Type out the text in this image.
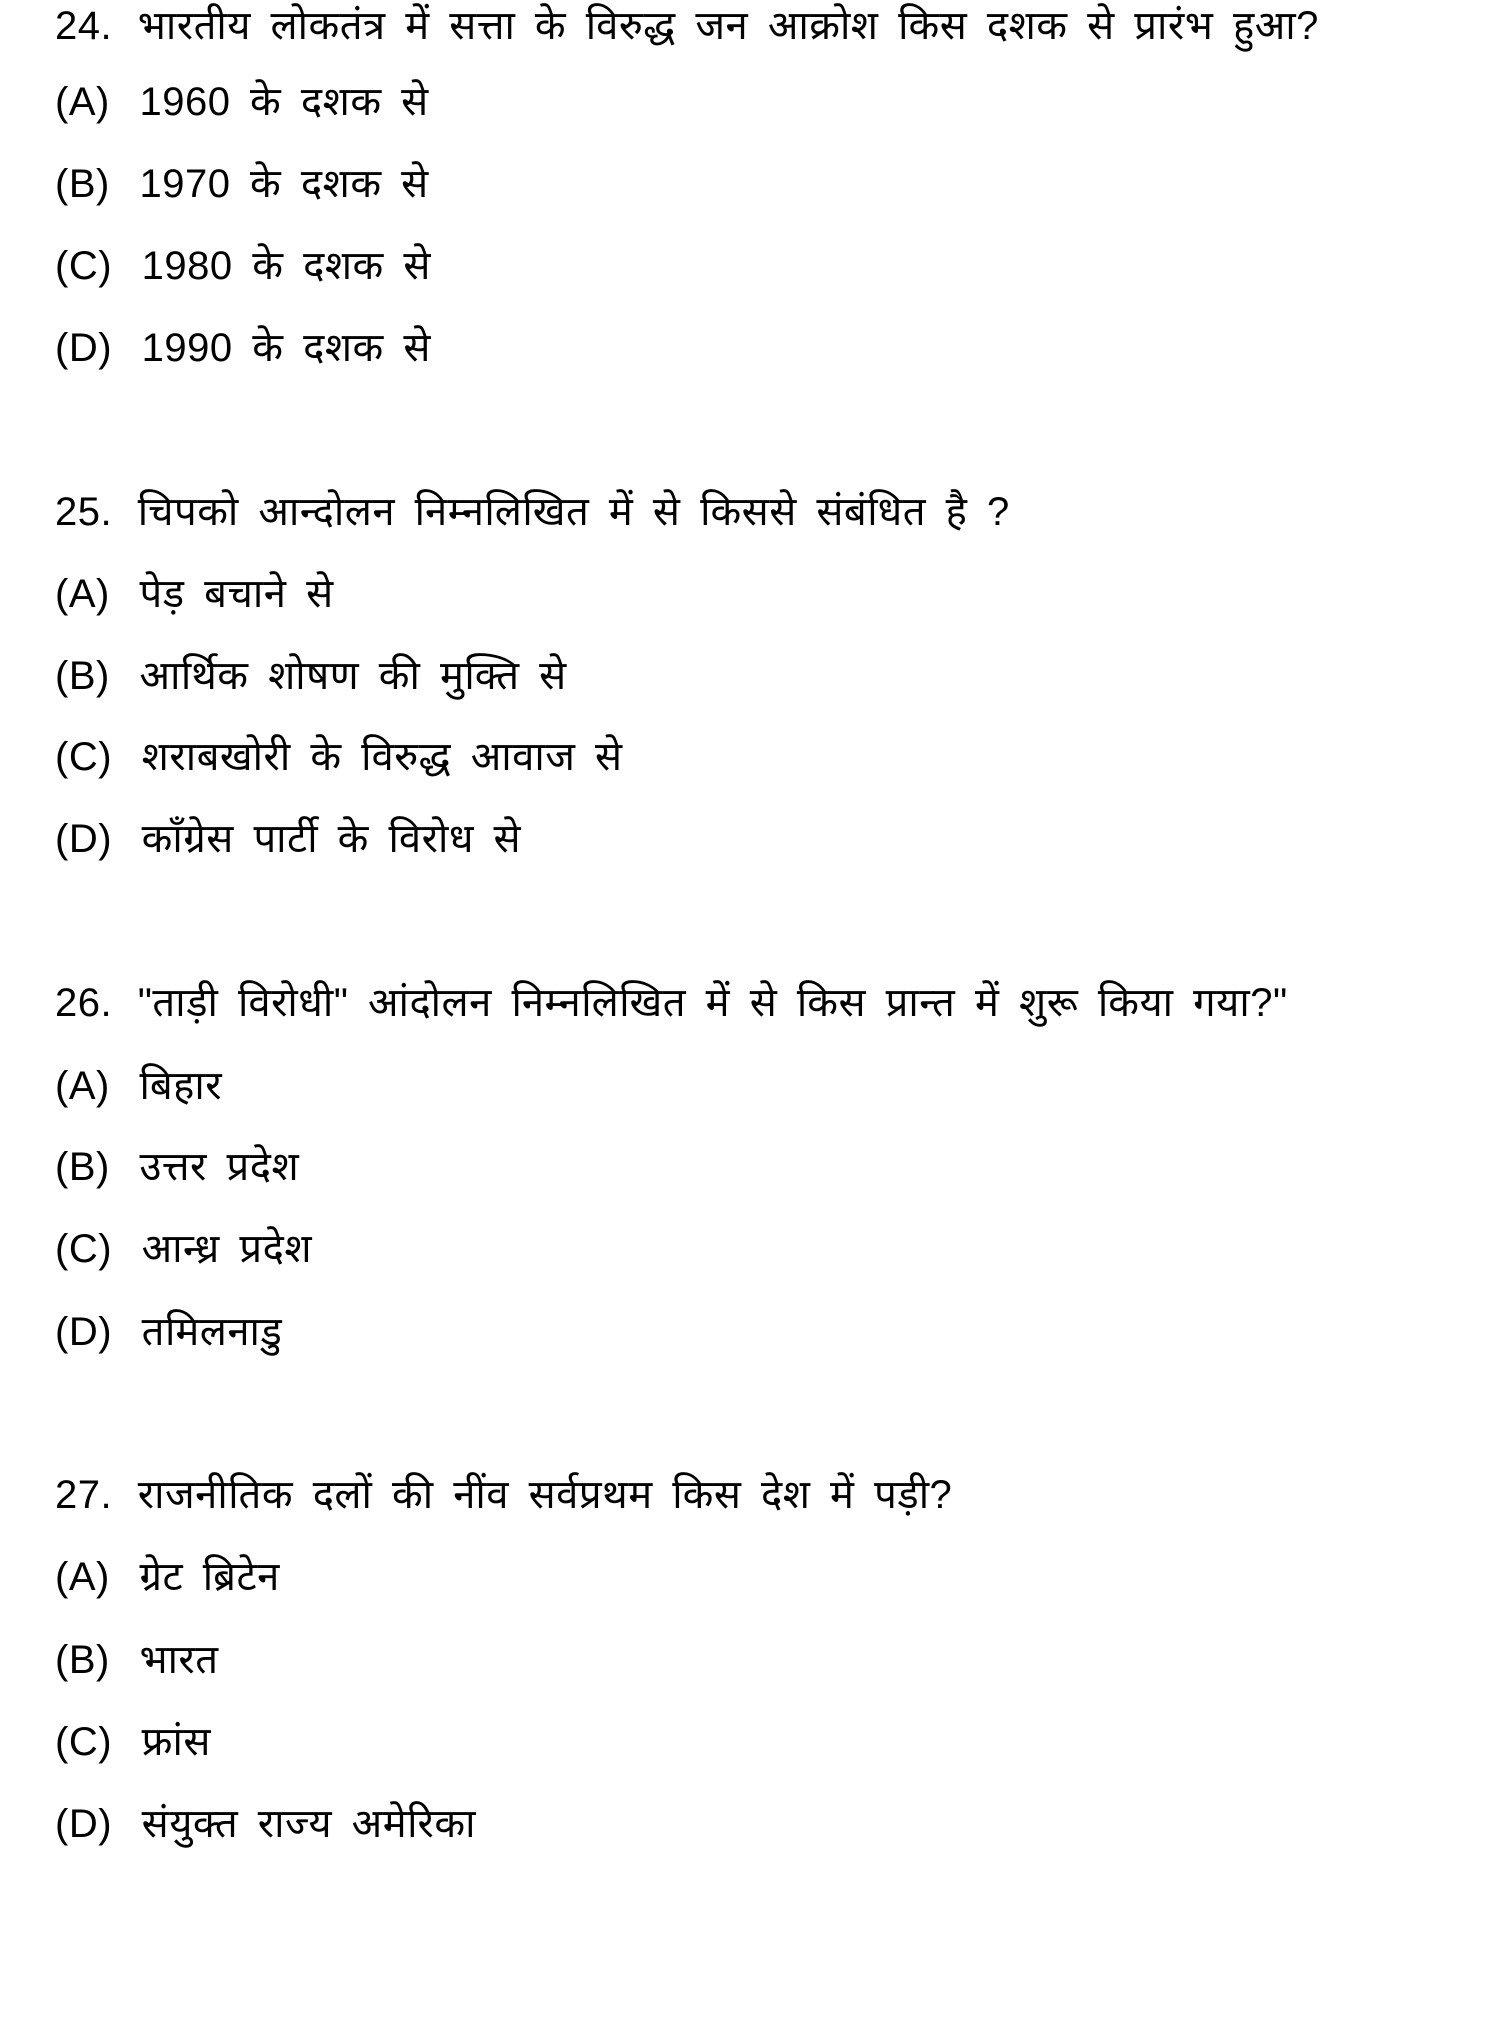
24. भारतीय लोकतंत्र में सत्ता के विरुद्ध जन आक्रोश किस दशक से प्रारंभ हुआ?
(A) 1960 के दशक से
(B) 1970 के दशक से
(C) 1980 के दशक से
(D) 1990 के दशक से
25. चिपको आन्दोलन निम्नलिखित में से किससे संबंधित है ?
(A) पेड़ बचाने से
(B) आर्थिक शोषण की मुक्ति से
(C) शराबखोरी के विरुद्ध आवाज से
(D) काँग्रेस पार्टी के विरोध से
26. "ताड़ी विरोधी" आंदोलन निम्नलिखित में से किस प्रान्त में शुरू किया गया?"
(A) बिहार
(B) उत्तर प्रदेश
(C) आन्ध्र प्रदेश
(D) तमिलनाडु
27. राजनीतिक दलों की नींव सर्वप्रथम किस देश में पड़ी?
(A) ग्रेट ब्रिटेन
(B) भारत
(C) फ्रांस
(D) संयुक्त राज्य अमेरिका
